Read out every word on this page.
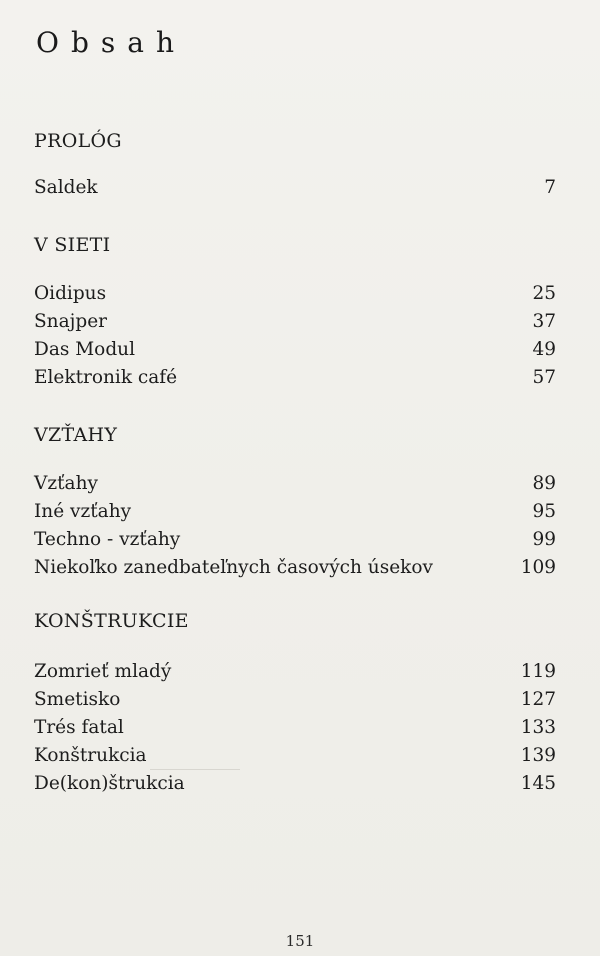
Obsah
PROLÓG
Saldek	7
V SIETI
Oidipus	25
Snajper	37
Das Modul	49
Elektronik café	57
VZŤAHY
Vzťahy	89
Iné vzťahy	95
Techno - vzťahy	99
Niekoľko zanedbateľnych časových úsekov	109
KONŠTRUKCIE
Zomrieť mladý	119
Smetisko	127
Trés fatal	133
Konštrukcia	139
De(kon)štrukcia	145
151
